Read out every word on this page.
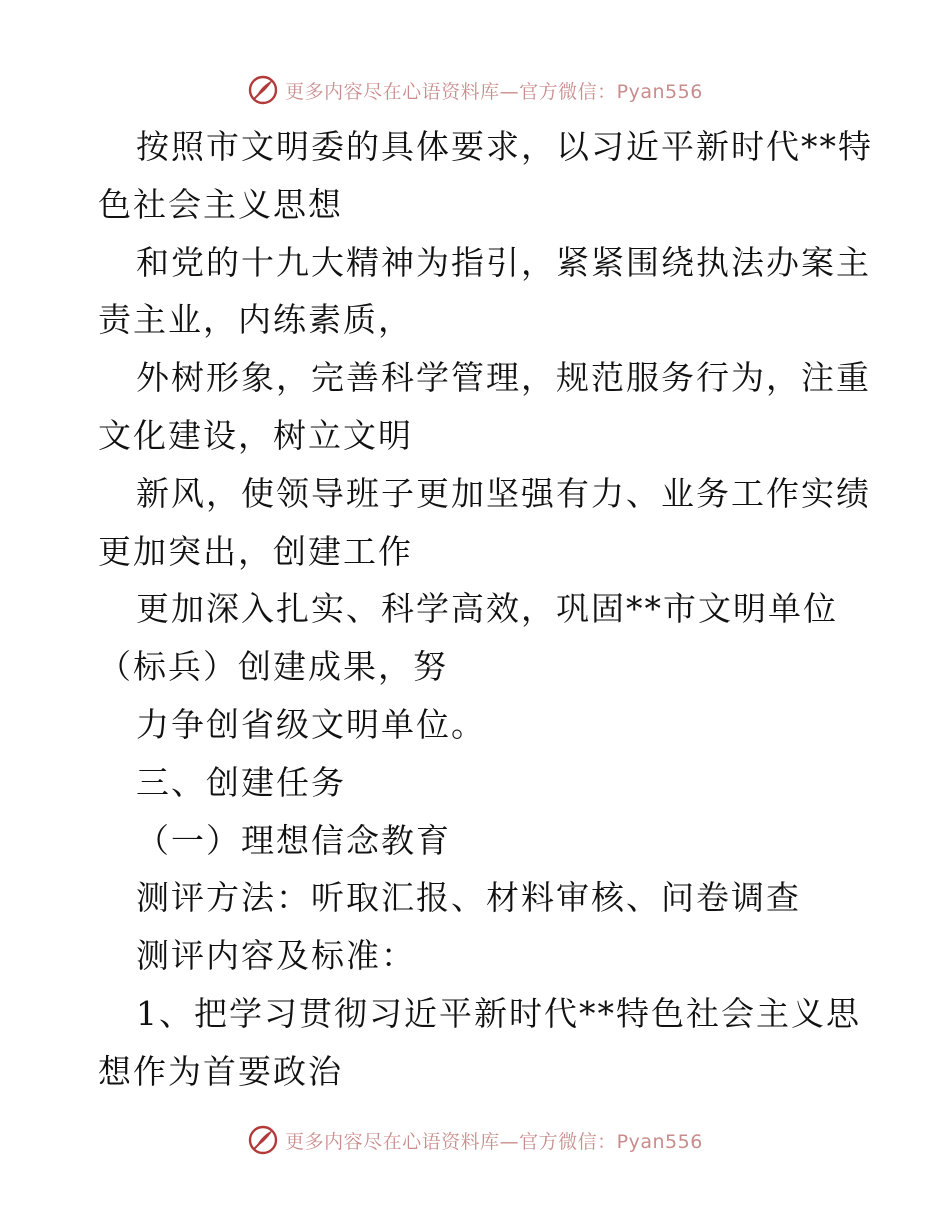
更多内容尽在心语资料库—官方微信：Pyan556
按照市文明委的具体要求，以习近平新时代**特
色社会主义思想
和党的十九大精神为指引，紧紧围绕执法办案主
责主业，内练素质，
外树形象，完善科学管理，规范服务行为，注重
文化建设，树立文明
新风，使领导班子更加坚强有力、业务工作实绩
更加突出，创建工作
更加深入扎实、科学高效，巩固**市文明单位
（标兵）创建成果，努
力争创省级文明单位。
三、创建任务
（一）理想信念教育
测评方法：听取汇报、材料审核、问卷调查
测评内容及标准：
1、把学习贯彻习近平新时代**特色社会主义思
想作为首要政治
更多内容尽在心语资料库—官方微信：Pyan556
